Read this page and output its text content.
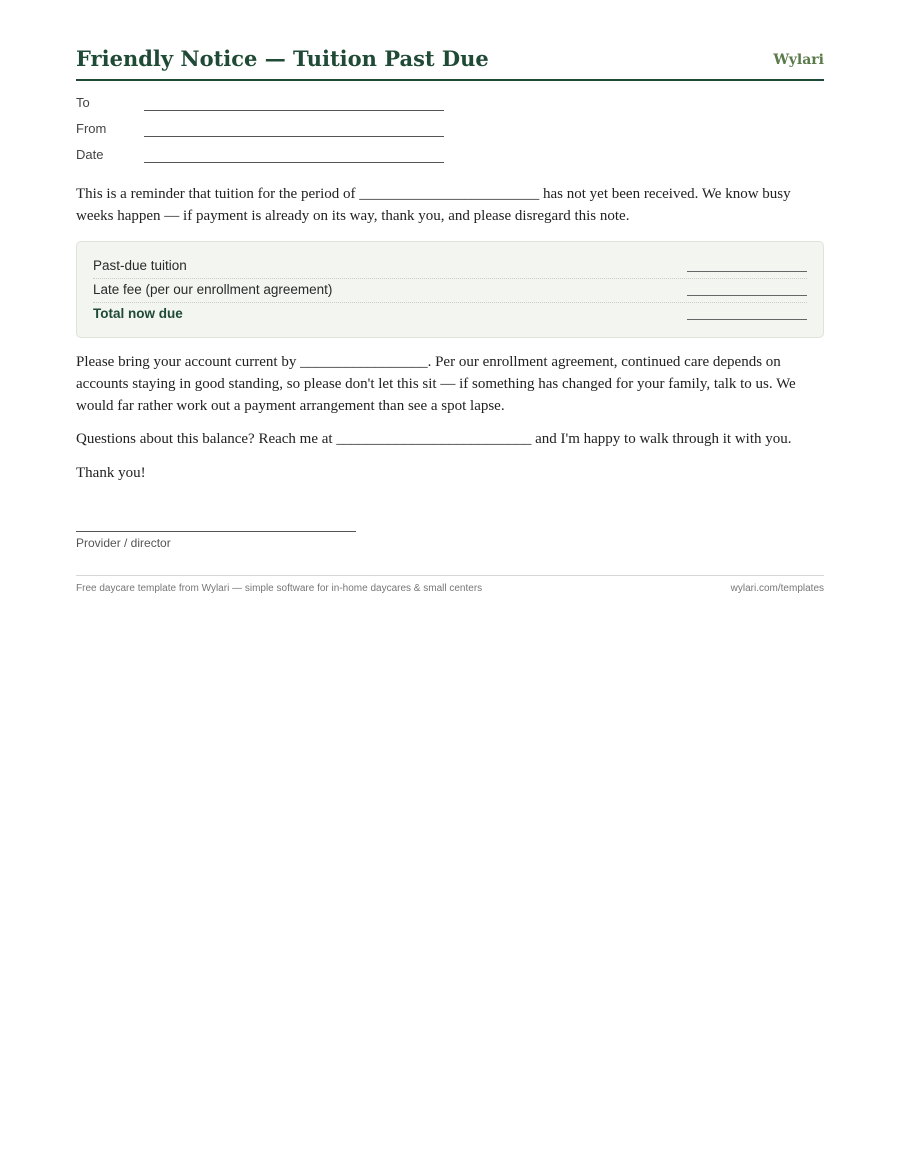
Friendly Notice — Tuition Past Due	Wylari
To
From
Date
This is a reminder that tuition for the period of ________________________ has not yet been received. We know busy weeks happen — if payment is already on its way, thank you, and please disregard this note.
Past-due tuition
Late fee (per our enrollment agreement)
Total now due
Please bring your account current by _________________. Per our enrollment agreement, continued care depends on accounts staying in good standing, so please don't let this sit — if something has changed for your family, talk to us. We would far rather work out a payment arrangement than see a spot lapse.
Questions about this balance? Reach me at __________________________ and I'm happy to walk through it with you.
Thank you!
Provider / director
Free daycare template from Wylari — simple software for in-home daycares & small centers	wylari.com/templates
